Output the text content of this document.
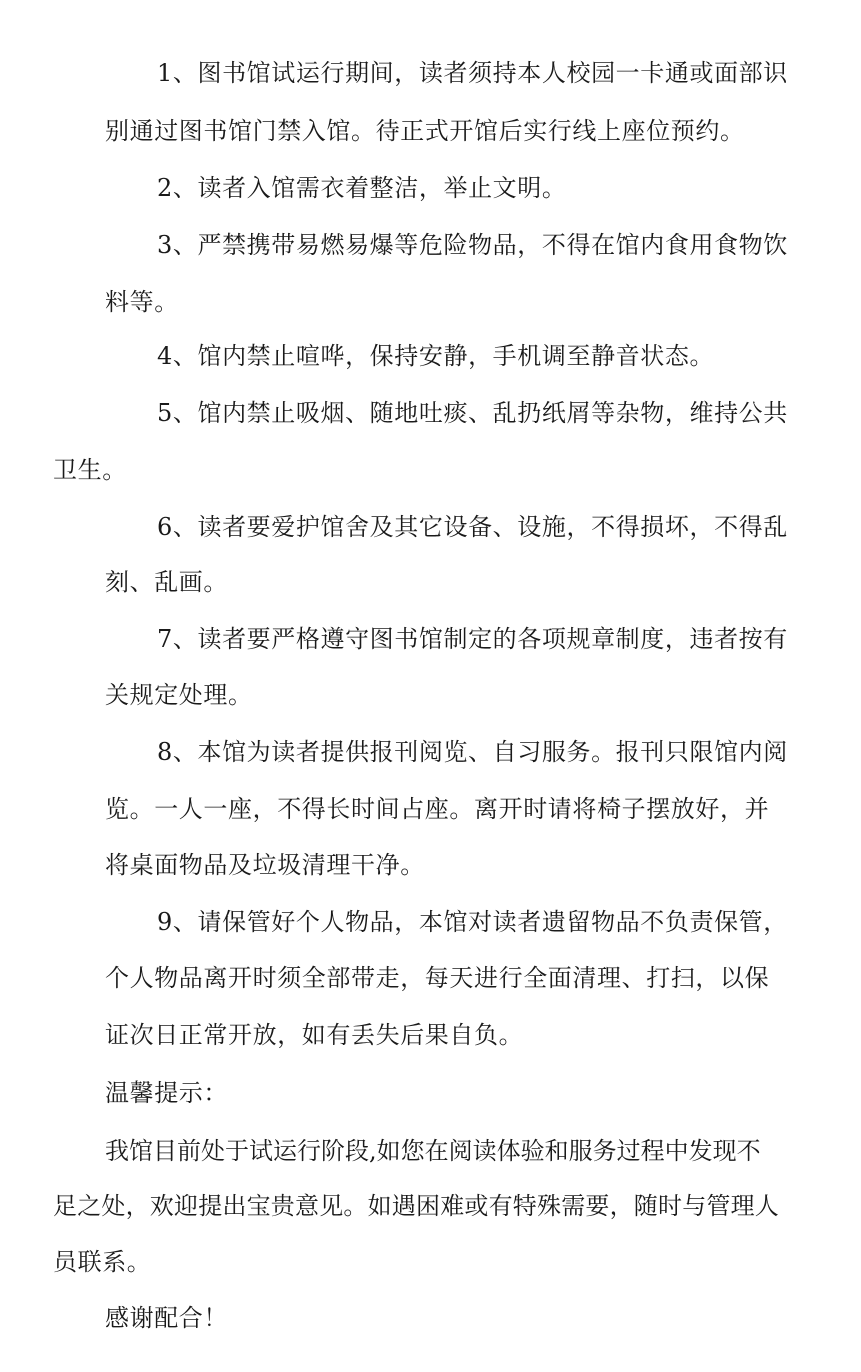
1、图书馆试运行期间，读者须持本人校园一卡通或面部识
别通过图书馆门禁入馆。待正式开馆后实行线上座位预约。
2、读者入馆需衣着整洁，举止文明。
3、严禁携带易燃易爆等危险物品，不得在馆内食用食物饮
料等。
4、馆内禁止喧哗，保持安静，手机调至静音状态。
5、馆内禁止吸烟、随地吐痰、乱扔纸屑等杂物，维持公共
卫生。
6、读者要爱护馆舍及其它设备、设施，不得损坏，不得乱
刻、乱画。
7、读者要严格遵守图书馆制定的各项规章制度，违者按有
关规定处理。
8、本馆为读者提供报刊阅览、自习服务。报刊只限馆内阅
览。一人一座，不得长时间占座。离开时请将椅子摆放好，并
将桌面物品及垃圾清理干净。
9、请保管好个人物品，本馆对读者遗留物品不负责保管，
个人物品离开时须全部带走，每天进行全面清理、打扫，以保
证次日正常开放，如有丢失后果自负。
温馨提示：
我馆目前处于试运行阶段,如您在阅读体验和服务过程中发现不
足之处，欢迎提出宝贵意见。如遇困难或有特殊需要，随时与管理人
员联系。
感谢配合！
